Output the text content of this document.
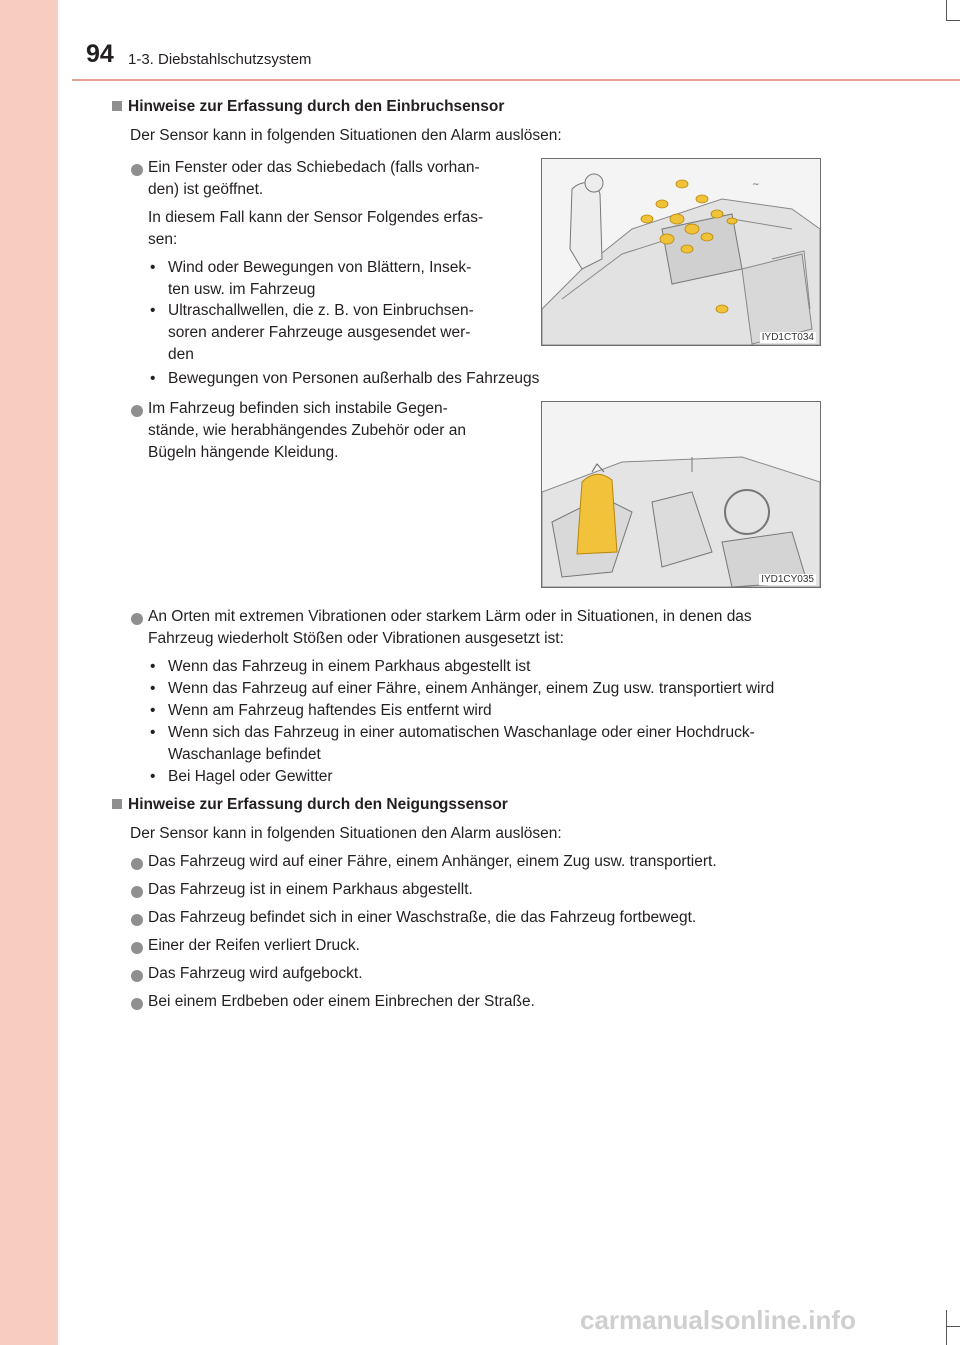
94 1-3. Diebstahlschutzsystem
Hinweise zur Erfassung durch den Einbruchsensor
Der Sensor kann in folgenden Situationen den Alarm auslösen:
Ein Fenster oder das Schiebedach (falls vorhan-
den) ist geöffnet.
In diesem Fall kann der Sensor Folgendes erfas-
sen:
• Wind oder Bewegungen von Blättern, Insek-
ten usw. im Fahrzeug
• Ultraschallwellen, die z. B. von Einbruchsen-
soren anderer Fahrzeuge ausgesendet wer-
den
• Bewegungen von Personen außerhalb des Fahrzeugs
~
IYD1CT034
Im Fahrzeug befinden sich instabile Gegen-
stände, wie herabhängendes Zubehör oder an
Bügeln hängende Kleidung.
IYD1CY035
An Orten mit extremen Vibrationen oder starkem Lärm oder in Situationen, in denen das
Fahrzeug wiederholt Stößen oder Vibrationen ausgesetzt ist:
• Wenn das Fahrzeug in einem Parkhaus abgestellt ist
• Wenn das Fahrzeug auf einer Fähre, einem Anhänger, einem Zug usw. transportiert wird
• Wenn am Fahrzeug haftendes Eis entfernt wird
• Wenn sich das Fahrzeug in einer automatischen Waschanlage oder einer Hochdruck-
Waschanlage befindet
• Bei Hagel oder Gewitter
Hinweise zur Erfassung durch den Neigungssensor
Der Sensor kann in folgenden Situationen den Alarm auslösen:
Das Fahrzeug wird auf einer Fähre, einem Anhänger, einem Zug usw. transportiert.
Das Fahrzeug ist in einem Parkhaus abgestellt.
Das Fahrzeug befindet sich in einer Waschstraße, die das Fahrzeug fortbewegt.
Einer der Reifen verliert Druck.
Das Fahrzeug wird aufgebockt.
Bei einem Erdbeben oder einem Einbrechen der Straße.
carmanualsonline.info
